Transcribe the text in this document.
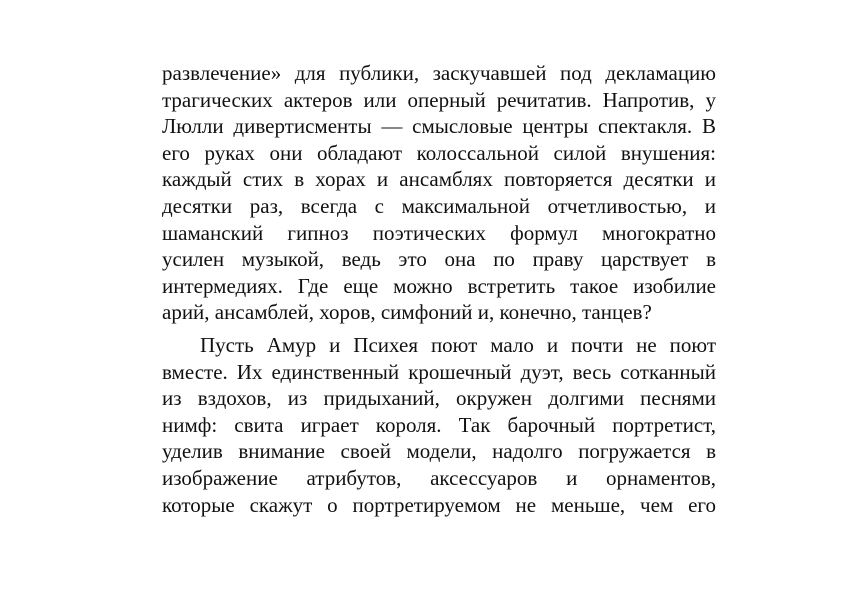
развлечение» для публики, заскучавшей под декламацию
трагических актеров или оперный речитатив. Напротив, у
Люлли дивертисменты — смысловые центры спектакля. В
его руках они обладают колоссальной силой внушения:
каждый стих в хорах и ансамблях повторяется десятки и
десятки раз, всегда с максимальной отчетливостью, и
шаманский гипноз поэтических формул многократно
усилен музыкой, ведь это она по праву царствует в
интермедиях. Где еще можно встретить такое изобилие
арий, ансамблей, хоров, симфоний и, конечно, танцев?
Пусть Амур и Психея поют мало и почти не поют
вместе. Их единственный крошечный дуэт, весь сотканный
из вздохов, из придыханий, окружен долгими песнями
нимф: свита играет короля. Так барочный портретист,
уделив внимание своей модели, надолго погружается в
изображение атрибутов, аксессуаров и орнаментов,
которые скажут о портретируемом не меньше, чем его
